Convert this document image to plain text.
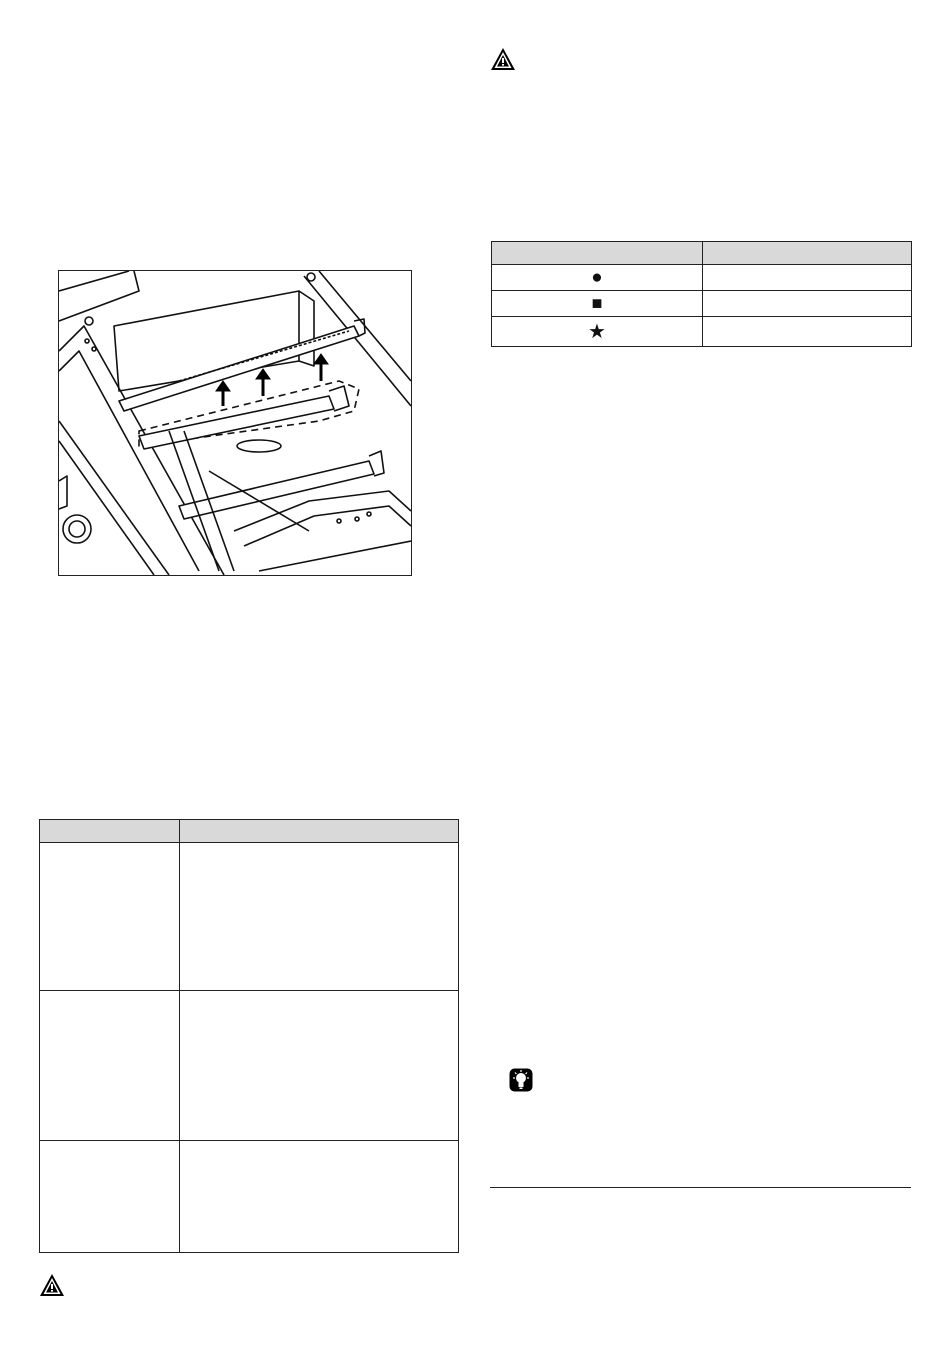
●	
■	
★	
